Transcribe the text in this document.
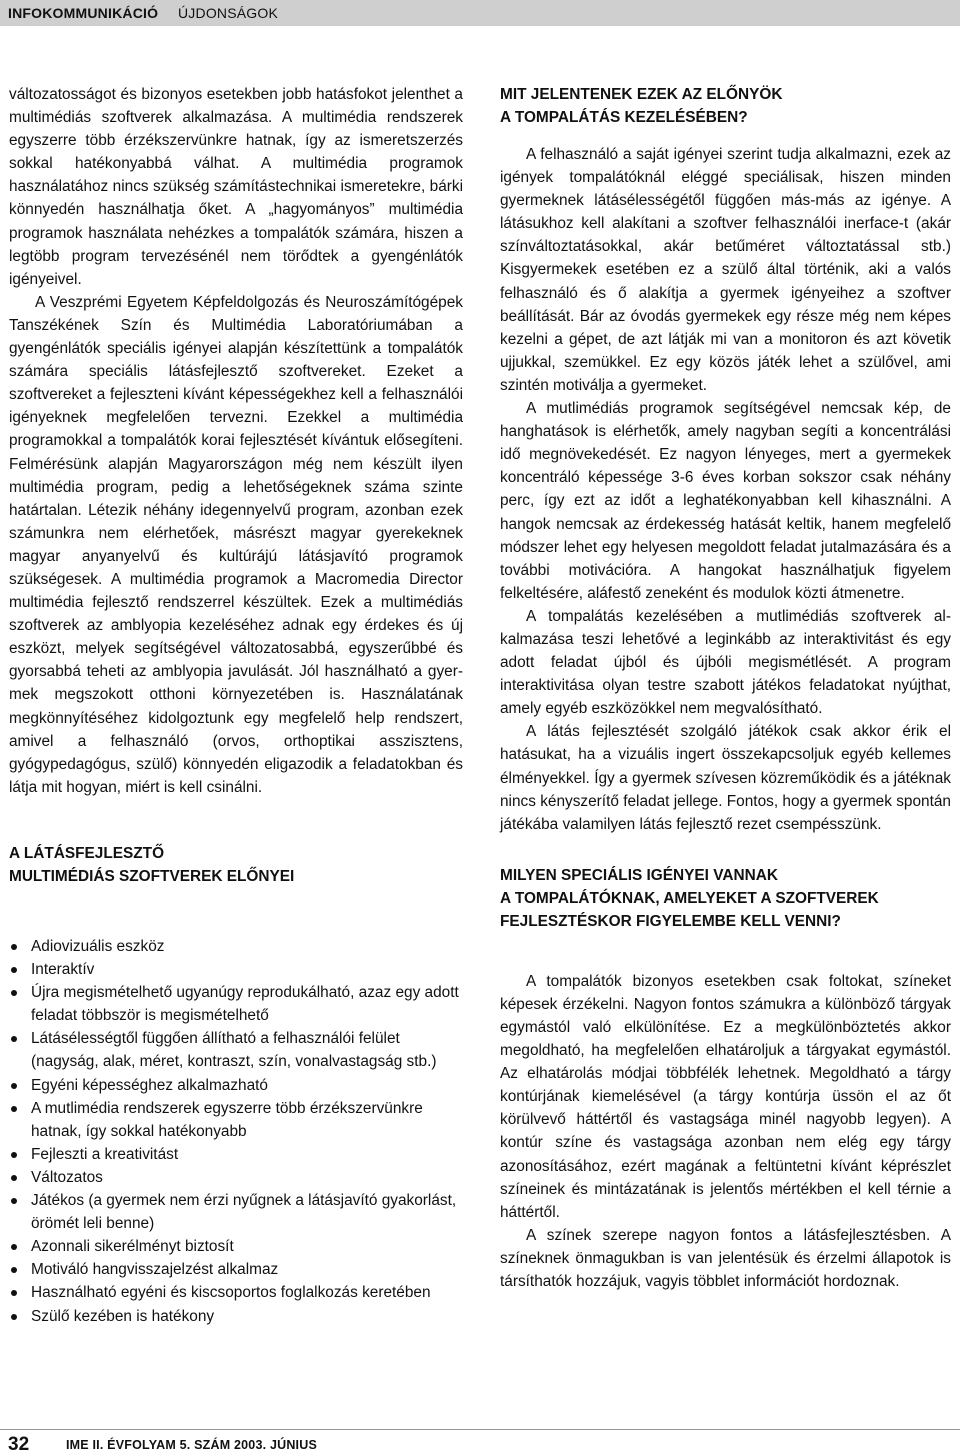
INFOKOMMUNIKÁCIÓ ÚJDONSÁGOK

változatosságot és bizonyos esetekben jobb hatásfokot jelenthet a multimédiás szoftverek alkalmazása. A multimédia rendszerek egyszerre több érzékszervünkre hatnak, így az ismeretszerzés sokkal hatékonyabbá válhat. A multimédia programok használatához nincs szükség számítástechnikai ismeretekre, bárki könnyedén használhatja őket. A „hagyományos” multimédia programok használata nehézkes a tompalátók számára, hiszen a legtöbb program tervezésénél nem törődtek a gyengénlátók igényeivel.

A Veszprémi Egyetem Képfeldolgozás és Neuroszámítógépek Tanszékének Szín és Multimédia Laboratóriumában a gyengénlátók speciális igényei alapján készítettünk a tompalátók számára speciális látásfejlesztő szoftvereket. Ezeket a szoftvereket a fejleszteni kívánt képességekhez kell a felhasználói igényeknek megfelelően tervezni. Ezekkel a multimédia programokkal a tompalátók korai fejlesztését kívántuk elősegíteni. Felmérésünk alapján Magyarországon még nem készült ilyen multimédia program, pedig a lehetőségeknek száma szinte határtalan. Létezik néhány idegennyelvű program, azonban ezek számunkra nem elérhetőek, másrészt magyar gyerekeknek magyar anyanyelvű és kultúrájú látásjavító programok szükségesek. A multimédia programok a Macromedia Director multimédia fejlesztő rendszerrel készültek. Ezek a multimédiás szoftverek az amblyopia kezeléséhez adnak egy érdekes és új eszközt, melyek segítségével változatosabbá, egyszerűbbé és gyorsabbá teheti az amblyopia javulását. Jól használható a gyermek megszokott otthoni környezetében is. Használatának megkönnyítéséhez kidolgoztunk egy megfelelő help rendszert, amivel a felhasználó (orvos, orthoptikai asszisztens, gyógypedagógus, szülő) könnyedén eligazodik a feladatokban és látja mit hogyan, miért is kell csinálni.

A LÁTÁSFEJLESZTŐ
MULTIMÉDIÁS SZOFTVEREK ELŐNYEI
Adiovizuális eszköz
Interaktív
Újra megismételhető ugyanúgy reprodukálható, azaz egy adott feladat többször is megismételhető
Látásélességtől függően állítható a felhasználói felület (nagyság, alak, méret, kontraszt, szín, vonalvastagság stb.)
Egyéni képességhez alkalmazható
A mutlimédia rendszerek egyszerre több érzékszervünkre hatnak, így sokkal hatékonyabb
Fejleszti a kreativitást
Változatos
Játékos (a gyermek nem érzi nyűgnek a látásjavító gyakorlást, örömét leli benne)
Azonnali sikerélményt biztosít
Motiváló hangvisszajelzést alkalmaz
Használható egyéni és kiscsoportos foglalkozás keretében
Szülő kezében is hatékony
MIT JELENTENEK EZEK AZ ELŐNYÖK
A TOMPALÁTÁS KEZELÉSÉBEN?

A felhasználó a saját igényei szerint tudja alkalmazni, ezek az igények tompalátóknál eléggé speciálisak, hiszen minden gyermeknek látásélességétől függően más-más az igénye. A látásukhoz kell alakítani a szoftver felhasználói inerface-t (akár színváltoztatásokkal, akár betűméret változtatással stb.) Kisgyermekek esetében ez a szülő által történik, aki a valós felhasználó és ő alakítja a gyermek igényeihez a szoftver beállítását. Bár az óvodás gyermekek egy része még nem képes kezelni a gépet, de azt látják mi van a monitoron és azt követik ujjukkal, szemükkel. Ez egy közös játék lehet a szülővel, ami szintén motiválja a gyermeket.

A mutlimédiás programok segítségével nemcsak kép, de hanghatások is elérhetők, amely nagyban segíti a koncentrálási idő megnövekedését. Ez nagyon lényeges, mert a gyermekek koncentráló képessége 3-6 éves korban sokszor csak néhány perc, így ezt az időt a leghatékonyabban kell kihasználni. A hangok nemcsak az érdekesség hatását keltik, hanem megfelelő módszer lehet egy helyesen megoldott feladat jutalmazására és a további motivációra. A hangokat használhatjuk figyelem felkeltésére, aláfestő zeneként és modulok közti átmenetre.

A tompalátás kezelésében a mutlimédiás szoftverek alkalmazása teszi lehetővé a leginkább az interaktivitást és egy adott feladat újból és újbóli megismétlését. A program interaktivitása olyan testre szabott játékos feladatokat nyújthat, amely egyéb eszközökkel nem megvalósítható.

A látás fejlesztését szolgáló játékok csak akkor érik el hatásukat, ha a vizuális ingert összekapcsoljuk egyéb kellemes élményekkel. Így a gyermek szívesen közreműködik és a játéknak nincs kényszerítő feladat jellege. Fontos, hogy a gyermek spontán játékába valamilyen látás fejlesztő rezet csempésszünk.

MILYEN SPECIÁLIS IGÉNYEI VANNAK
A TOMPALÁTÓKNAK, AMELYEKET A SZOFTVEREK
FEJLESZTÉSKOR FIGYELEMBE KELL VENNI?

A tompalátók bizonyos esetekben csak foltokat, színeket képesek érzékelni. Nagyon fontos számukra a különböző tárgyak egymástól való elkülönítése. Ez a megkülönböztetés akkor megoldható, ha megfelelően elhatároljuk a tárgyakat egymástól. Az elhatárolás módjai többfélék lehetnek. Megoldható a tárgy kontúrjának kiemelésével (a tárgy kontúrja üssön el az őt körülvevő háttértől és vastagsága minél nagyobb legyen). A kontúr színe és vastagsága azonban nem elég egy tárgy azonosításához, ezért magának a feltüntetni kívánt képrészlet színeinek és mintázatának is jelentős mértékben el kell térnie a háttértől.

A színek szerepe nagyon fontos a látásfejlesztésben. A színeknek önmagukban is van jelentésük és érzelmi állapotok is társíthatók hozzájuk, vagyis többlet információt hordoznak.

32	IME II. ÉVFOLYAM 5. SZÁM 2003. JÚNIUS
